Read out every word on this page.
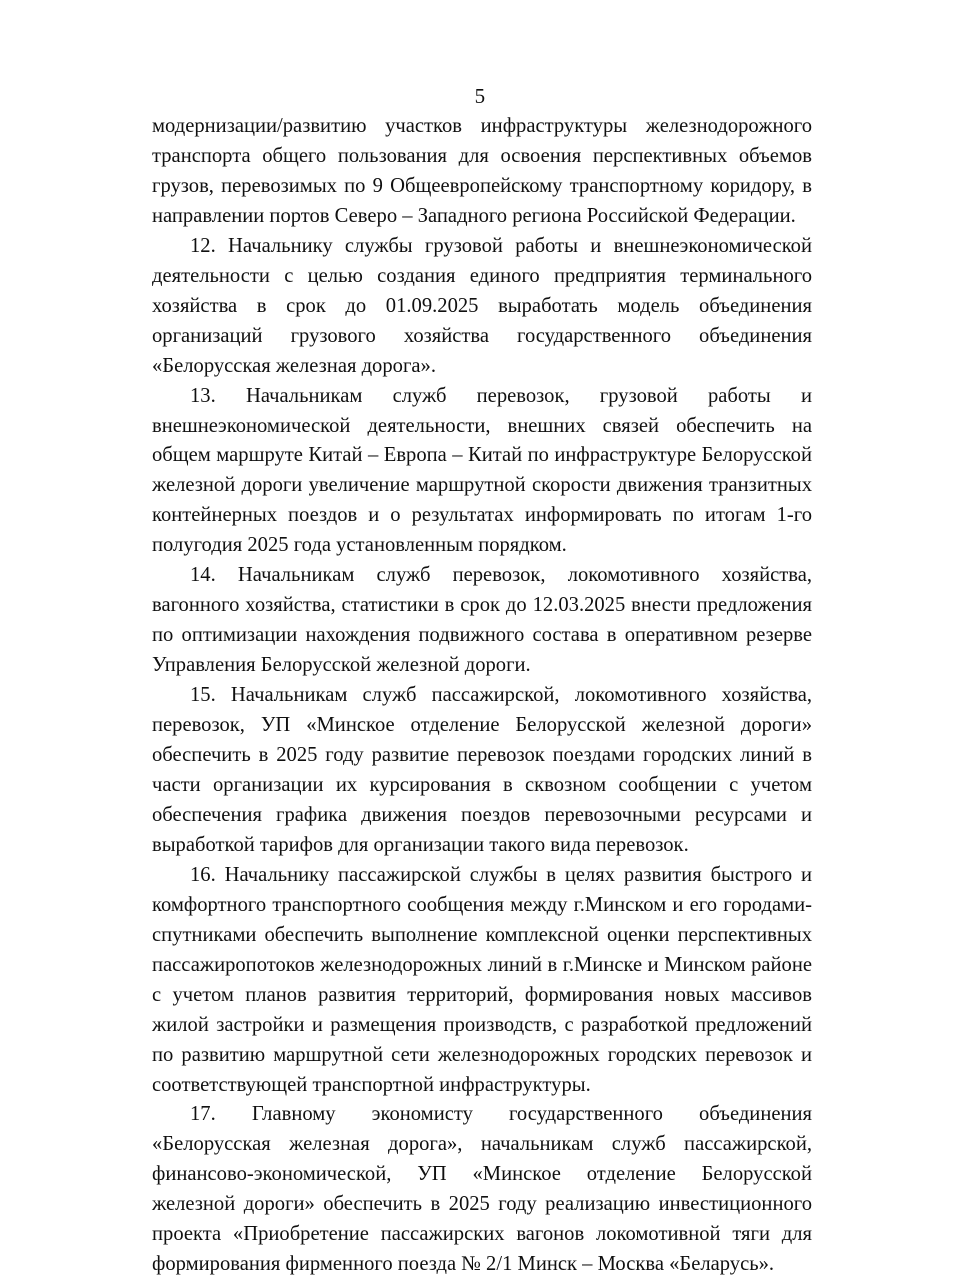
5

модернизации/развитию участков инфраструктуры железнодорожного транспорта общего пользования для освоения перспективных объемов грузов, перевозимых по 9 Общеевропейскому транспортному коридору, в направлении портов Северо – Западного региона Российской Федерации.

12. Начальнику службы грузовой работы и внешнеэкономической деятельности с целью создания единого предприятия терминального хозяйства в срок до 01.09.2025 выработать модель объединения организаций грузового хозяйства государственного объединения «Белорусская железная дорога».

13. Начальникам служб перевозок, грузовой работы и внешнеэкономической деятельности, внешних связей обеспечить на общем маршруте Китай – Европа – Китай по инфраструктуре Белорусской железной дороги увеличение маршрутной скорости движения транзитных контейнерных поездов и о результатах информировать по итогам 1-го полугодия 2025 года установленным порядком.

14. Начальникам служб перевозок, локомотивного хозяйства, вагонного хозяйства, статистики в срок до 12.03.2025 внести предложения по оптимизации нахождения подвижного состава в оперативном резерве Управления Белорусской железной дороги.

15. Начальникам служб пассажирской, локомотивного хозяйства, перевозок, УП «Минское отделение Белорусской железной дороги» обеспечить в 2025 году развитие перевозок поездами городских линий в части организации их курсирования в сквозном сообщении с учетом обеспечения графика движения поездов перевозочными ресурсами и выработкой тарифов для организации такого вида перевозок.

16. Начальнику пассажирской службы в целях развития быстрого и комфортного транспортного сообщения между г.Минском и его городами-спутниками обеспечить выполнение комплексной оценки перспективных пассажиропотоков железнодорожных линий в г.Минске и Минском районе с учетом планов развития территорий, формирования новых массивов жилой застройки и размещения производств, с разработкой предложений по развитию маршрутной сети железнодорожных городских перевозок и соответствующей транспортной инфраструктуры.

17. Главному экономисту государственного объединения «Белорусская железная дорога», начальникам служб пассажирской, финансово-экономической, УП «Минское отделение Белорусской железной дороги» обеспечить в 2025 году реализацию инвестиционного проекта «Приобретение пассажирских вагонов локомотивной тяги для формирования фирменного поезда № 2/1 Минск – Москва «Беларусь».
